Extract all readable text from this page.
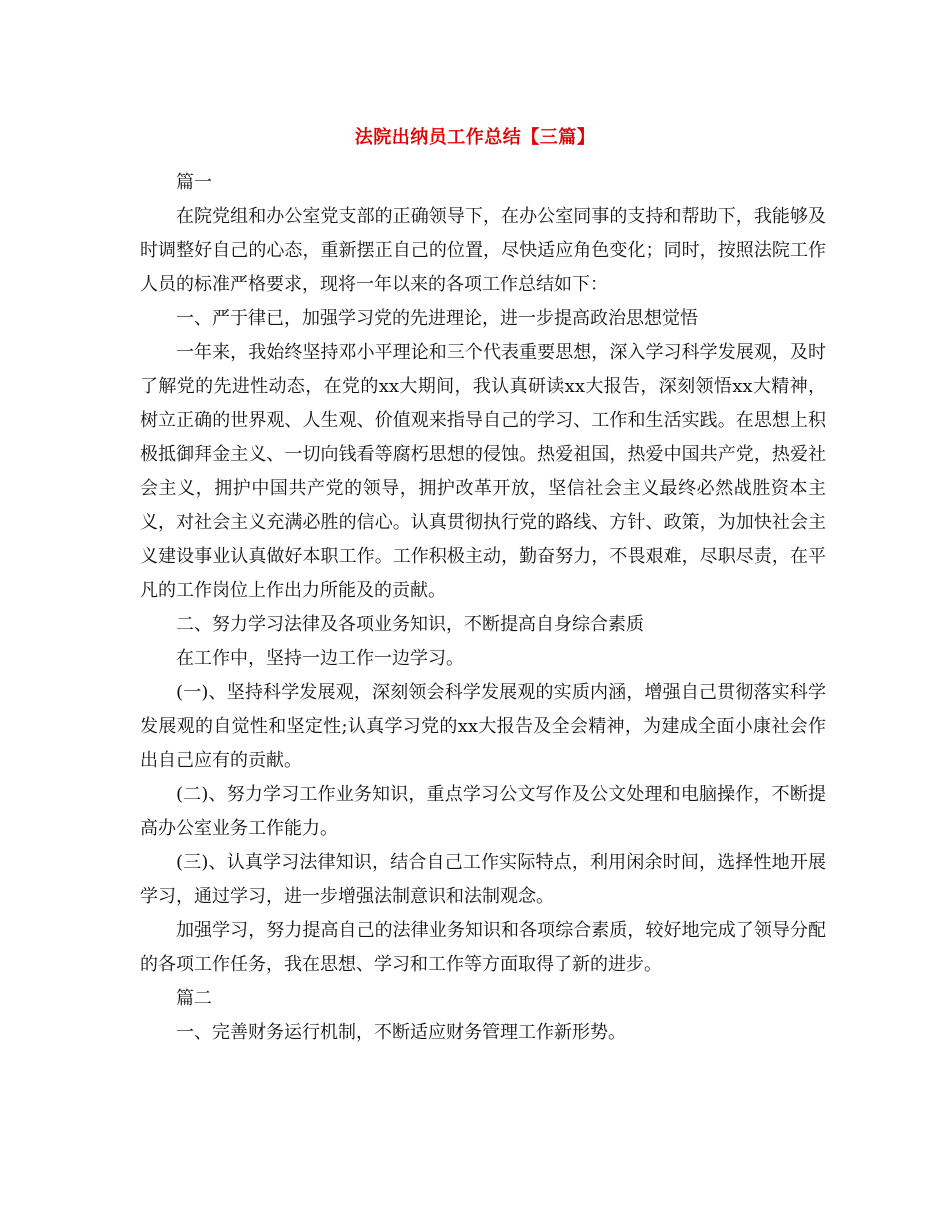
法院出纳员工作总结【三篇】

篇一

在院党组和办公室党支部的正确领导下，在办公室同事的支持和帮助下，我能够及时调整好自己的心态，重新摆正自己的位置，尽快适应角色变化；同时，按照法院工作人员的标准严格要求，现将一年以来的各项工作总结如下：

一、严于律已，加强学习党的先进理论，进一步提高政治思想觉悟

一年来，我始终坚持邓小平理论和三个代表重要思想，深入学习科学发展观，及时了解党的先进性动态，在党的xx大期间，我认真研读xx大报告，深刻领悟xx大精神，树立正确的世界观、人生观、价值观来指导自己的学习、工作和生活实践。在思想上积极抵御拜金主义、一切向钱看等腐朽思想的侵蚀。热爱祖国，热爱中国共产党，热爱社会主义，拥护中国共产党的领导，拥护改革开放，坚信社会主义最终必然战胜资本主义，对社会主义充满必胜的信心。认真贯彻执行党的路线、方针、政策，为加快社会主义建设事业认真做好本职工作。工作积极主动，勤奋努力，不畏艰难，尽职尽责，在平凡的工作岗位上作出力所能及的贡献。

二、努力学习法律及各项业务知识，不断提高自身综合素质

在工作中，坚持一边工作一边学习。

(一)、坚持科学发展观，深刻领会科学发展观的实质内涵，增强自己贯彻落实科学发展观的自觉性和坚定性;认真学习党的xx大报告及全会精神，为建成全面小康社会作出自己应有的贡献。

(二)、努力学习工作业务知识，重点学习公文写作及公文处理和电脑操作，不断提高办公室业务工作能力。

(三)、认真学习法律知识，结合自己工作实际特点，利用闲余时间，选择性地开展学习，通过学习，进一步增强法制意识和法制观念。

加强学习，努力提高自己的法律业务知识和各项综合素质，较好地完成了领导分配的各项工作任务，我在思想、学习和工作等方面取得了新的进步。

篇二

一、完善财务运行机制，不断适应财务管理工作新形势。
